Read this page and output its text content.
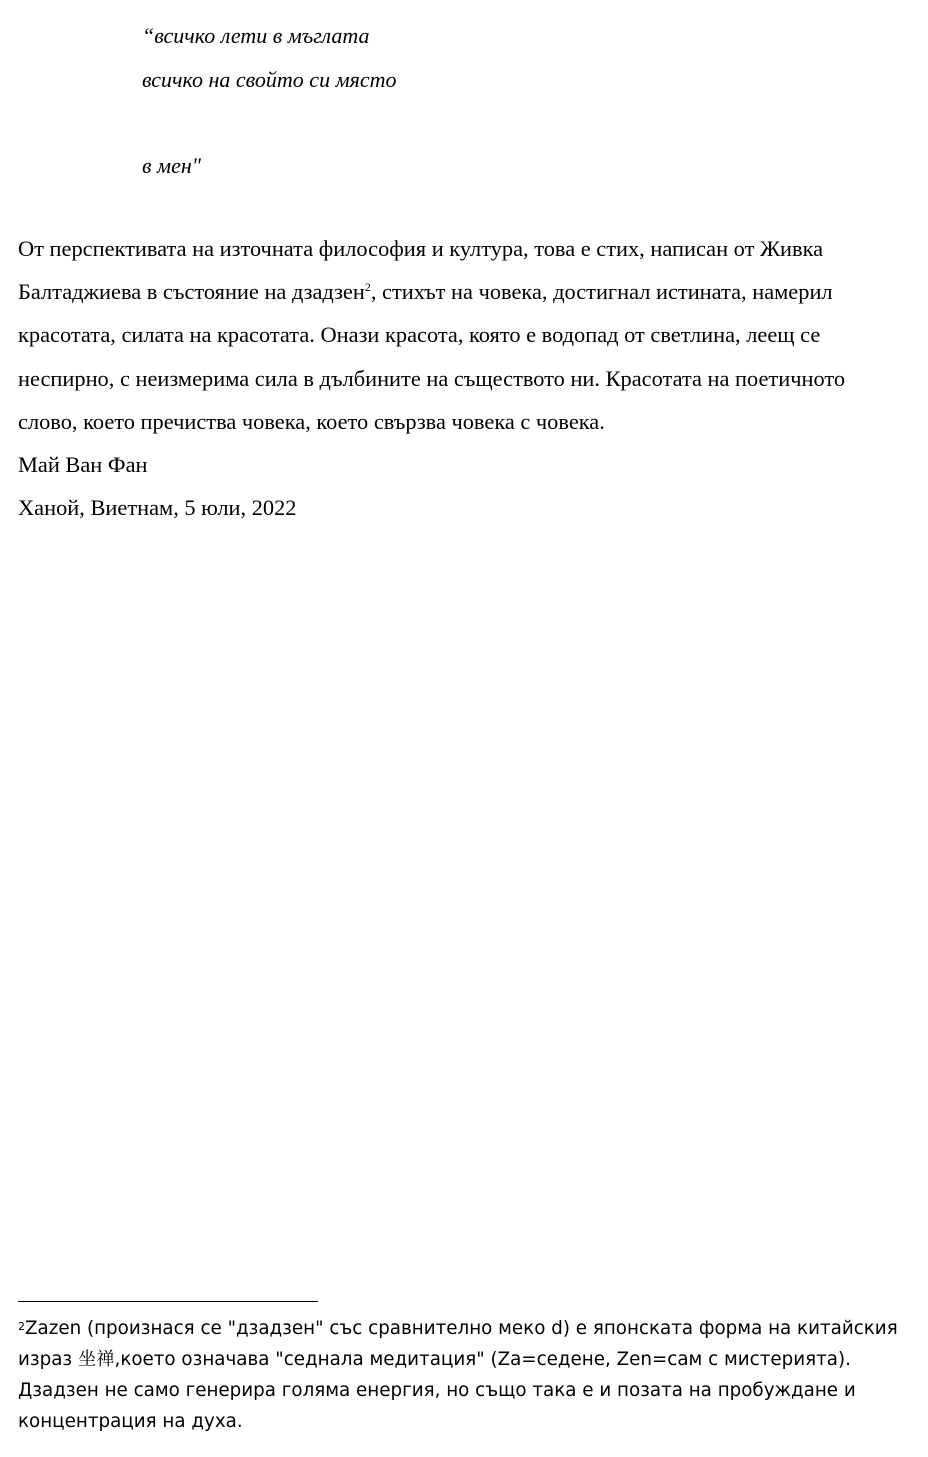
“всичко лети в мъглата
всичко на свойто си място
в мен"

От перспективата на източната философия и култура, това е стих, написан от Живка Балтаджиева в състояние на дзадзен$^2$, стихът на човека, достигнал истината, намерил красотата, силата на красотата. Онази красота, която е водопад от светлина, леещ се неспирно, с неизмерима сила в дълбините на съществото ни. Красотата на поетичното слово, което пречиства човека, което свързва човека с човека.

Май Ван Фан

Ханой, Виетнам, 5 юли, 2022

$^2$Zazen (произнася се "дзадзен" със сравнително меко d) е японската форма на китайския израз 坐禅,което означава "седнала медитация" (Za=седене, Zen=сам с мистерията). Дзадзен не само генерира голяма енергия, но също така е и позата на пробуждане и концентрация на духа.
